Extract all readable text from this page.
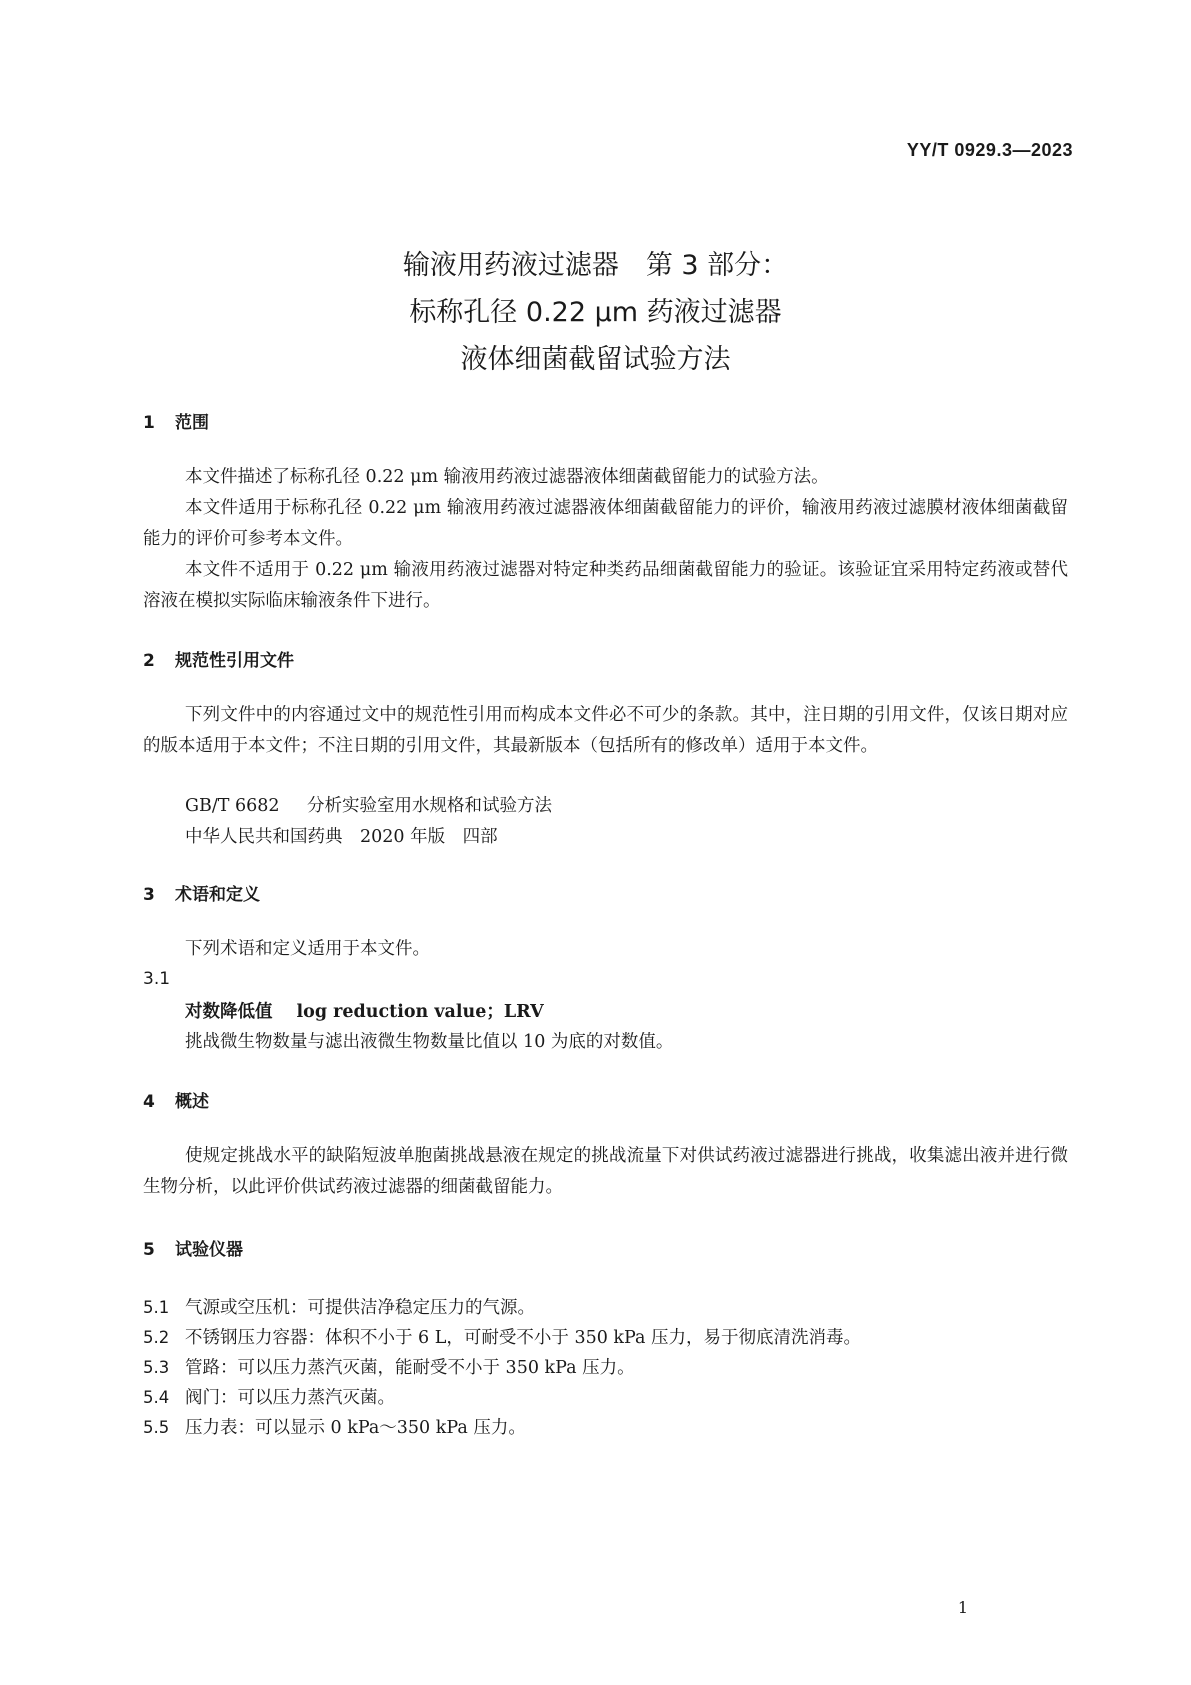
YY/T 0929.3—2023
输液用药液过滤器　第 3 部分：
标称孔径 0.22 μm 药液过滤器
液体细菌截留试验方法
1 范围
本文件描述了标称孔径 0.22 μm 输液用药液过滤器液体细菌截留能力的试验方法。
本文件适用于标称孔径 0.22 μm 输液用药液过滤器液体细菌截留能力的评价，输液用药液过滤膜材液体细菌截留能力的评价可参考本文件。
本文件不适用于 0.22 μm 输液用药液过滤器对特定种类药品细菌截留能力的验证。该验证宜采用特定药液或替代溶液在模拟实际临床输液条件下进行。
2 规范性引用文件
下列文件中的内容通过文中的规范性引用而构成本文件必不可少的条款。其中，注日期的引用文件，仅该日期对应的版本适用于本文件；不注日期的引用文件，其最新版本（包括所有的修改单）适用于本文件。
GB/T 6682 分析实验室用水规格和试验方法
中华人民共和国药典　2020 年版　四部
3 术语和定义
下列术语和定义适用于本文件。
3.1
对数降低值 log reduction value；LRV
挑战微生物数量与滤出液微生物数量比值以 10 为底的对数值。
4 概述
使规定挑战水平的缺陷短波单胞菌挑战悬液在规定的挑战流量下对供试药液过滤器进行挑战，收集滤出液并进行微生物分析，以此评价供试药液过滤器的细菌截留能力。
5 试验仪器
5.1 气源或空压机：可提供洁净稳定压力的气源。
5.2 不锈钢压力容器：体积不小于 6 L，可耐受不小于 350 kPa 压力，易于彻底清洗消毒。
5.3 管路：可以压力蒸汽灭菌，能耐受不小于 350 kPa 压力。
5.4 阀门：可以压力蒸汽灭菌。
5.5 压力表：可以显示 0 kPa～350 kPa 压力。
1
